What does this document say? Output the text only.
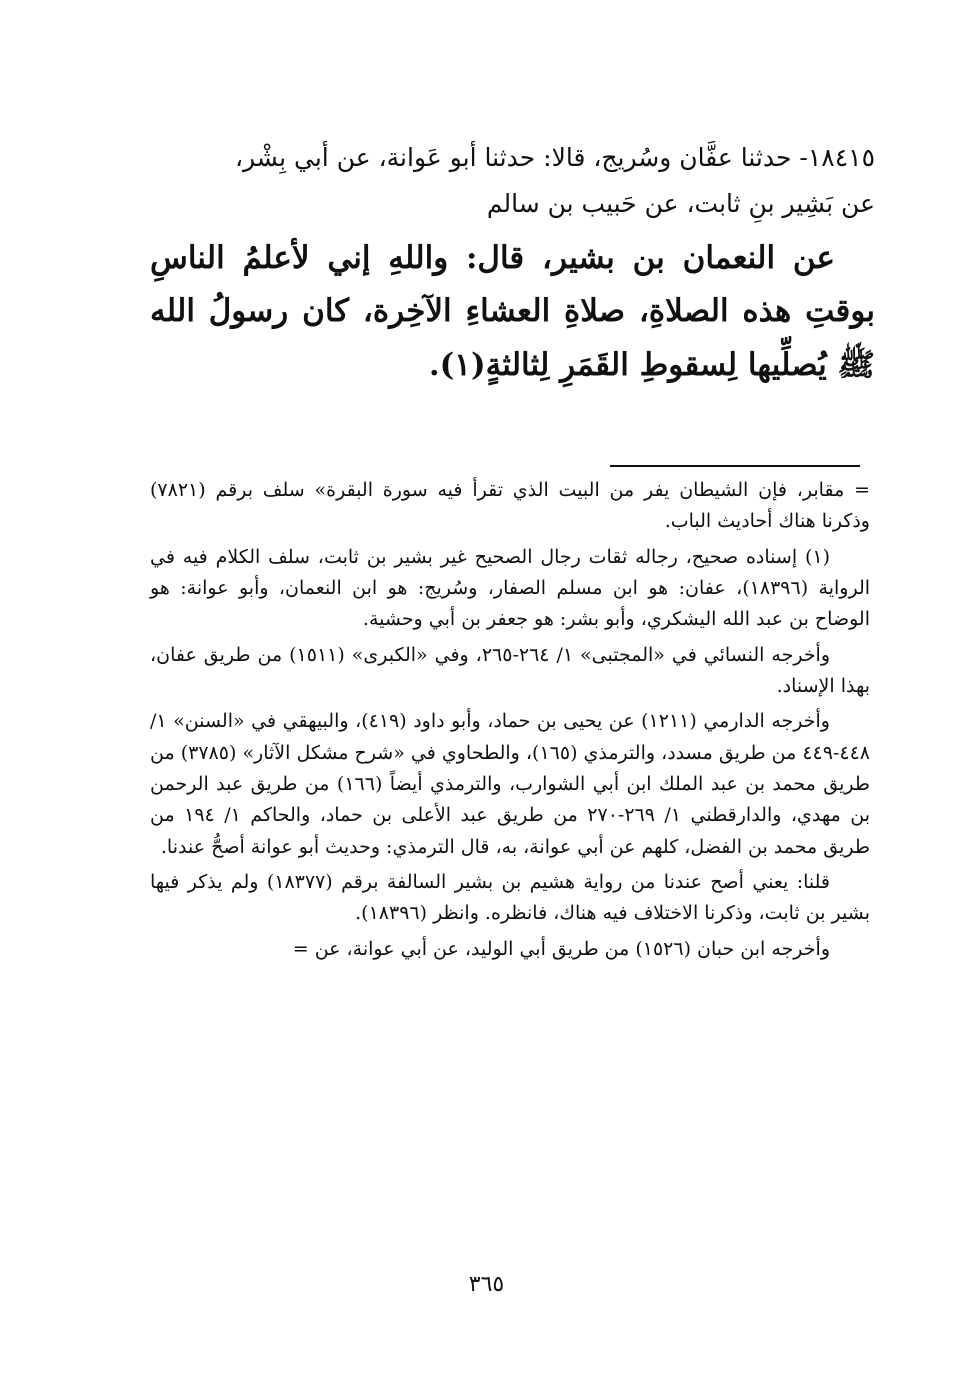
١٨٤١٥- حدثنا عفَّان وسُريج، قالا: حدثنا أبو عَوانة، عن أبي بِشْر،

عن بَشِير بنِ ثابت، عن حَبيب بن سالم

عن النعمان بن بشير، قال: واللهِ إني لأعلمُ الناسِ بوقتِ هذه الصلاةِ، صلاةِ العشاءِ الآخِرة، كان رسولُ الله ﷺ يُصلِّيها لِسقوطِ القَمَرِ لِثالثةٍ(١).

= مقابر، فإن الشيطان يفر من البيت الذي تقرأ فيه سورة البقرة» سلف برقم (٧٨٢١) وذكرنا هناك أحاديث الباب.

(١) إسناده صحيح، رجاله ثقات رجال الصحيح غير بشير بن ثابت، سلف الكلام فيه في الرواية (١٨٣٩٦)، عفان: هو ابن مسلم الصفار، وسُريج: هو ابن النعمان، وأبو عوانة: هو الوضاح بن عبد الله اليشكري، وأبو بشر: هو جعفر بن أبي وحشية.

وأخرجه النسائي في «المجتبى» ١/ ٢٦٤-٢٦٥، وفي «الكبرى» (١٥١١) من طريق عفان، بهذا الإسناد.

وأخرجه الدارمي (١٢١١) عن يحيى بن حماد، وأبو داود (٤١٩)، والبيهقي في «السنن» ١/ ٤٤٨-٤٤٩ من طريق مسدد، والترمذي (١٦٥)، والطحاوي في «شرح مشكل الآثار» (٣٧٨٥) من طريق محمد بن عبد الملك ابن أبي الشوارب، والترمذي أيضاً (١٦٦) من طريق عبد الرحمن بن مهدي، والدارقطني ١/ ٢٦٩-٢٧٠ من طريق عبد الأعلى بن حماد، والحاكم ١/ ١٩٤ من طريق محمد بن الفضل، كلهم عن أبي عوانة، به، قال الترمذي: وحديث أبو عوانة أصحُّ عندنا.

قلنا: يعني أصح عندنا من رواية هشيم بن بشير السالفة برقم (١٨٣٧٧) ولم يذكر فيها بشير بن ثابت، وذكرنا الاختلاف فيه هناك، فانظره. وانظر (١٨٣٩٦).

وأخرجه ابن حبان (١٥٢٦) من طريق أبي الوليد، عن أبي عوانة، عن =

٣٦٥
